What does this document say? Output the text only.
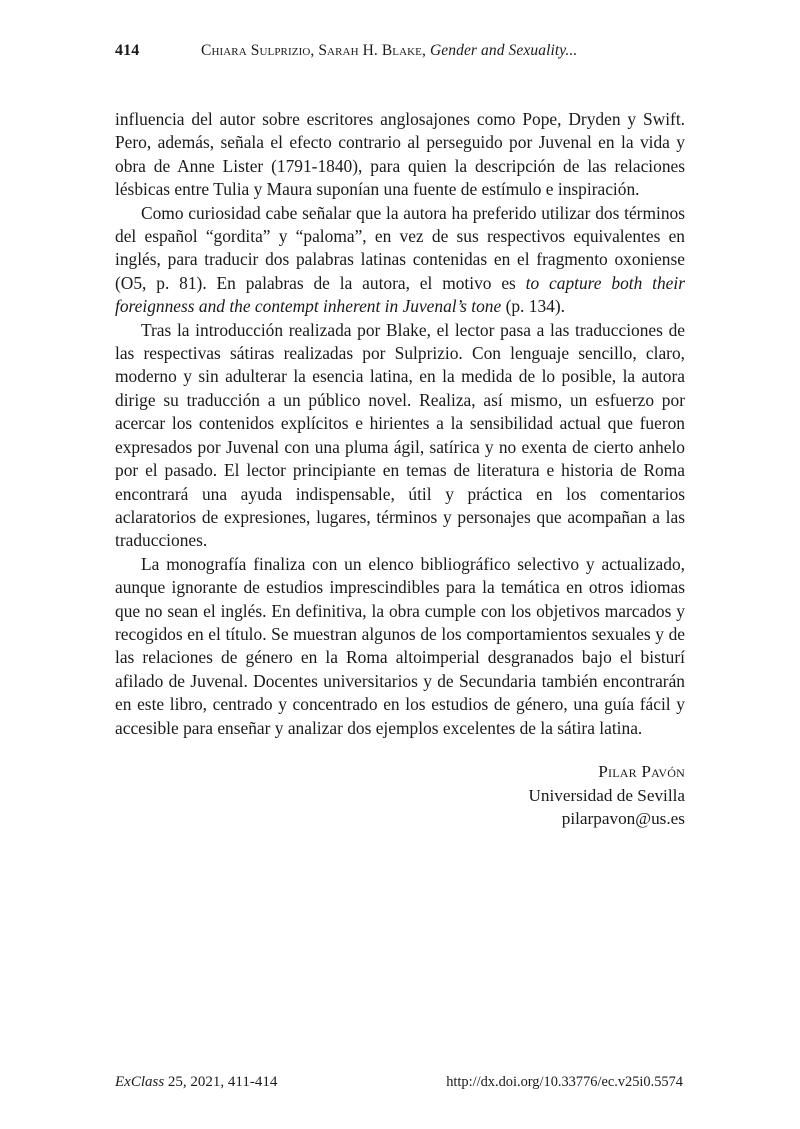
414	Chiara Sulprizio, Sarah H. Blake, Gender and Sexuality...

influencia del autor sobre escritores anglosajones como Pope, Dryden y Swift. Pero, además, señala el efecto contrario al perseguido por Juvenal en la vida y obra de Anne Lister (1791-1840), para quien la descripción de las relaciones lésbicas entre Tulia y Maura suponían una fuente de estímulo e inspiración.

Como curiosidad cabe señalar que la autora ha preferido utilizar dos términos del español “gordita” y “paloma”, en vez de sus respectivos equivalentes en inglés, para traducir dos palabras latinas contenidas en el fragmento oxoniense (O5, p. 81). En palabras de la autora, el motivo es to capture both their foreignness and the contempt inherent in Juvenal’s tone (p. 134).

Tras la introducción realizada por Blake, el lector pasa a las traducciones de las respectivas sátiras realizadas por Sulprizio. Con lenguaje sencillo, claro, moderno y sin adulterar la esencia latina, en la medida de lo posible, la autora dirige su traducción a un público novel. Realiza, así mismo, un esfuerzo por acercar los contenidos explícitos e hirientes a la sensibilidad actual que fueron expresados por Juvenal con una pluma ágil, satírica y no exenta de cierto anhelo por el pasado. El lector principiante en temas de literatura e historia de Roma encontrará una ayuda indispensable, útil y práctica en los comentarios aclaratorios de expresiones, lugares, términos y personajes que acompañan a las traducciones.

La monografía finaliza con un elenco bibliográfico selectivo y actualizado, aunque ignorante de estudios imprescindibles para la temática en otros idiomas que no sean el inglés. En definitiva, la obra cumple con los objetivos marcados y recogidos en el título. Se muestran algunos de los comportamientos sexuales y de las relaciones de género en la Roma altoimperial desgranados bajo el bisturí afilado de Juvenal. Docentes universitarios y de Secundaria también encontrarán en este libro, centrado y concentrado en los estudios de género, una guía fácil y accesible para enseñar y analizar dos ejemplos excelentes de la sátira latina.

Pilar Pavón
Universidad de Sevilla
pilarpavon@us.es
ExClass 25, 2021, 411-414	http://dx.doi.org/10.33776/ec.v25i0.5574
